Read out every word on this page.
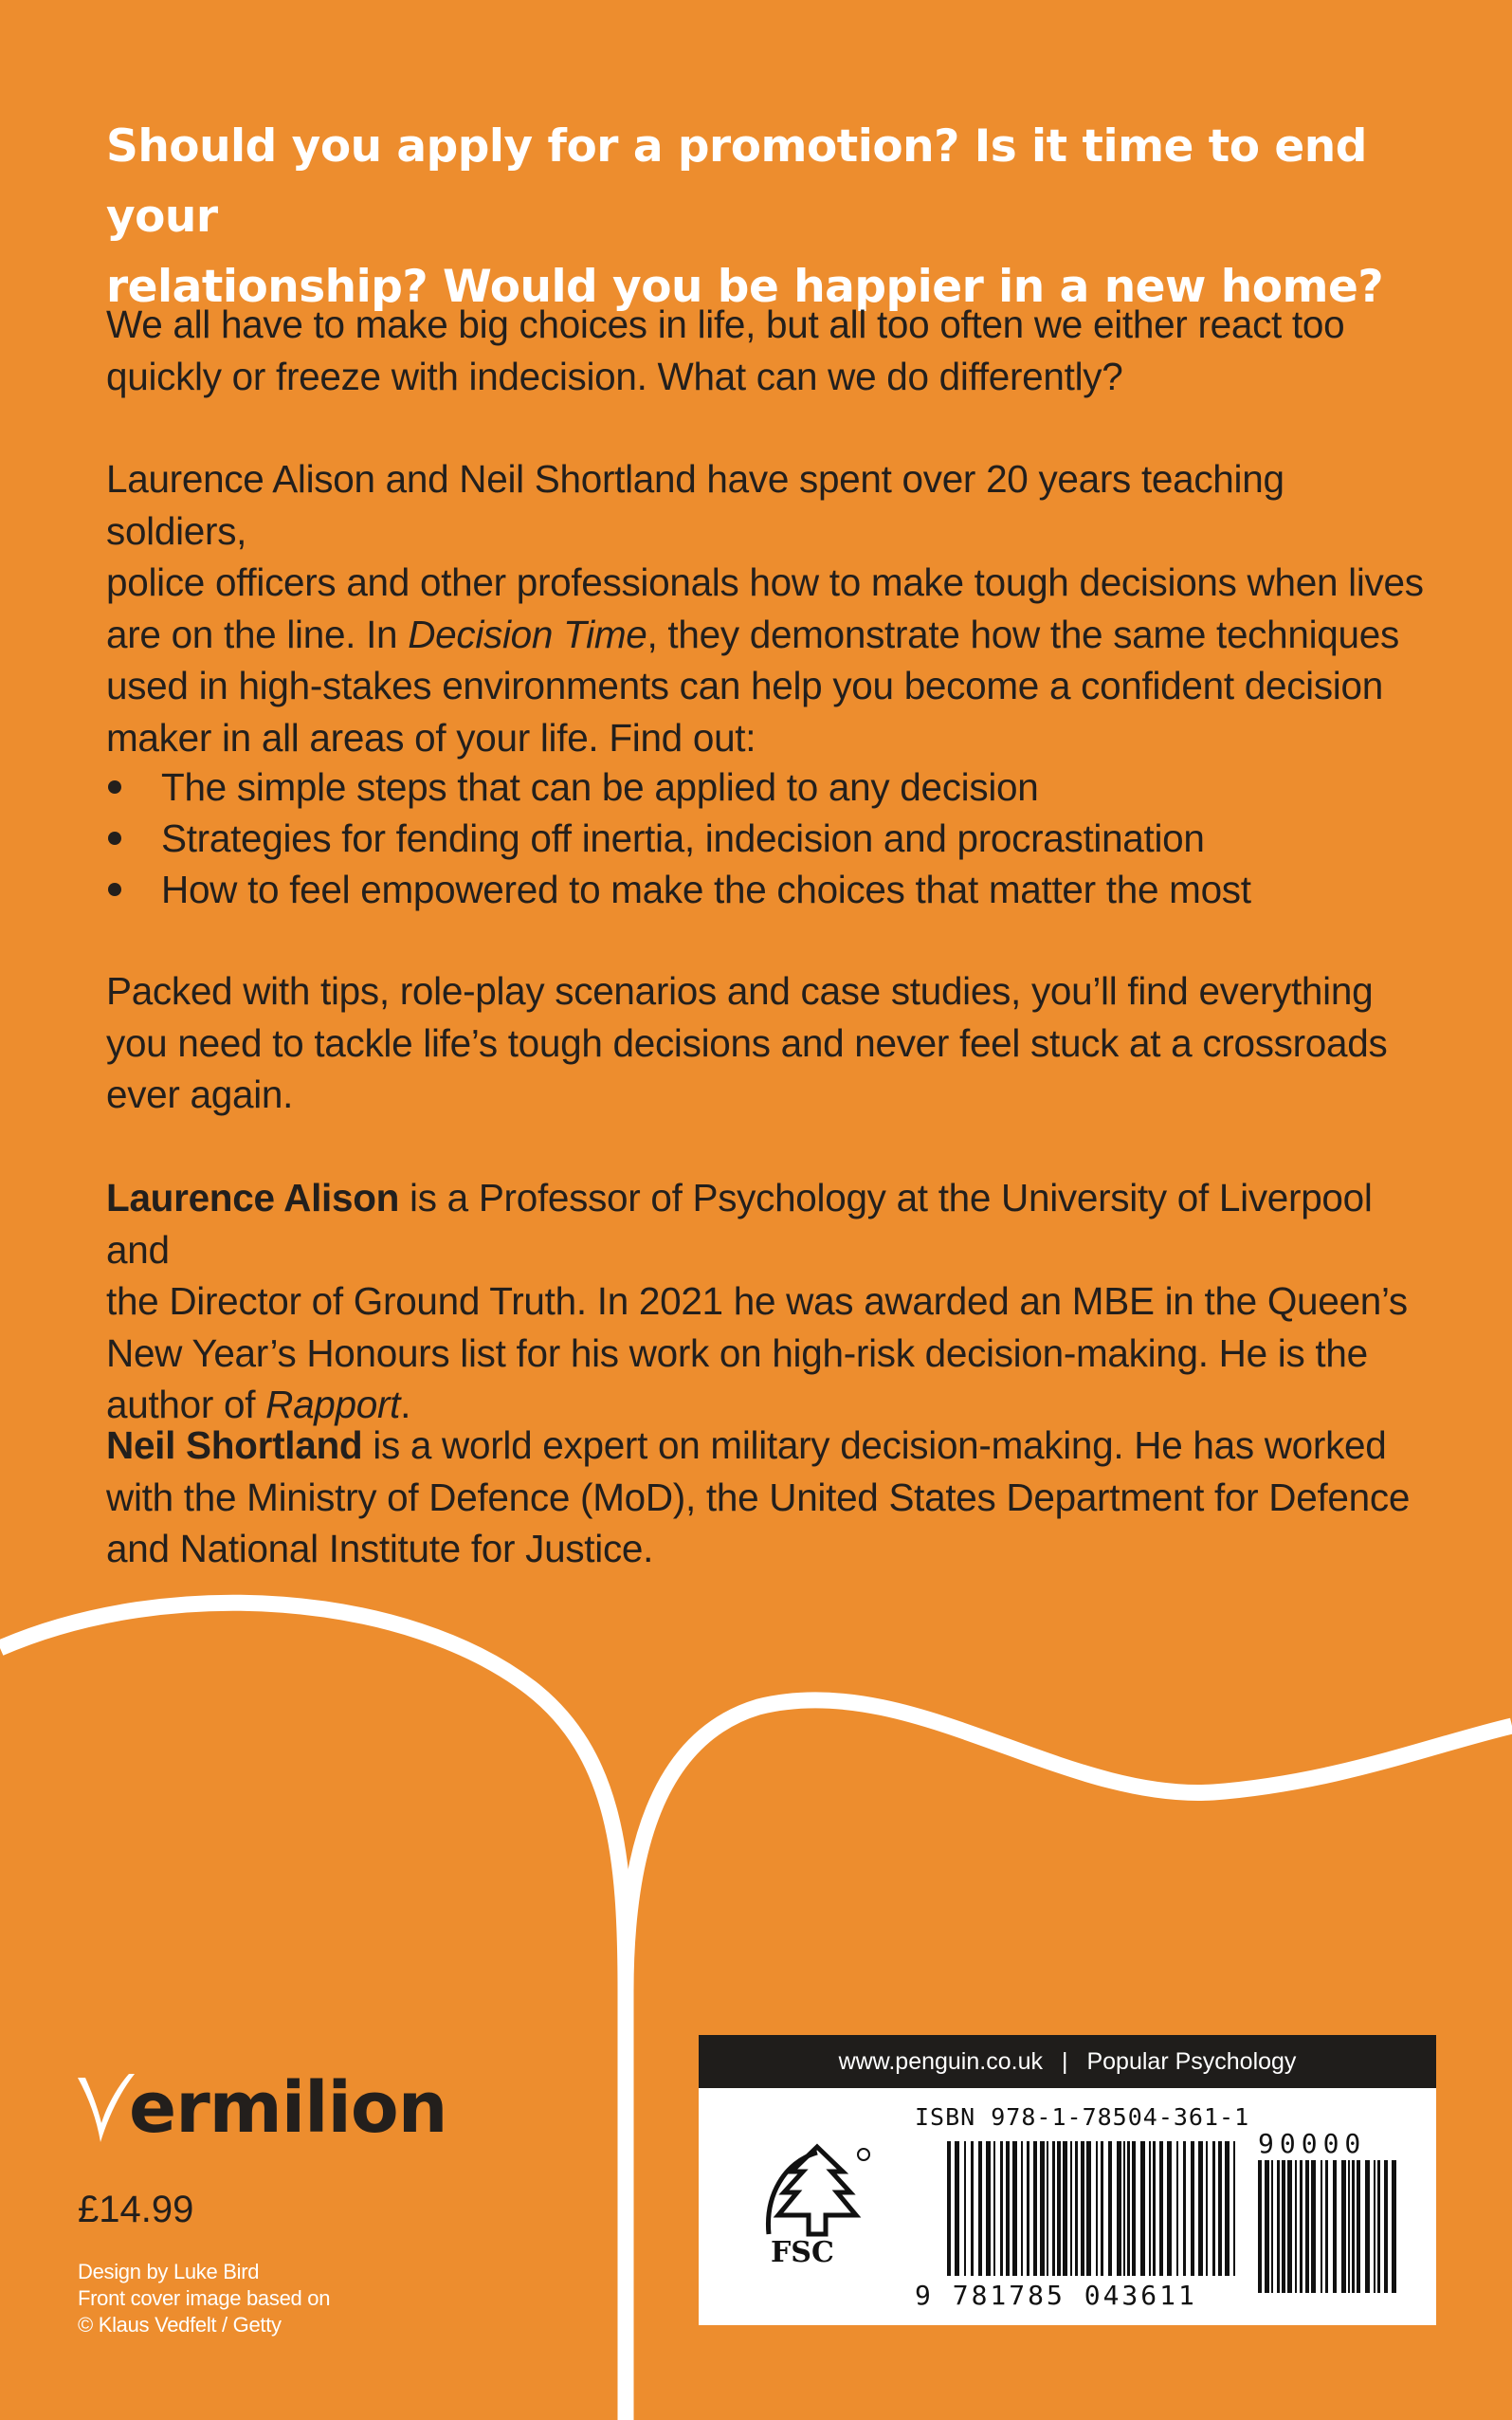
Should you apply for a promotion? Is it time to end your
relationship? Would you be happier in a new home?
We all have to make big choices in life, but all too often we either react too
quickly or freeze with indecision. What can we do differently?
Laurence Alison and Neil Shortland have spent over 20 years teaching soldiers,
police officers and other professionals how to make tough decisions when lives
are on the line. In Decision Time, they demonstrate how the same techniques
used in high-stakes environments can help you become a confident decision
maker in all areas of your life. Find out:
The simple steps that can be applied to any decision
Strategies for fending off inertia, indecision and procrastination
How to feel empowered to make the choices that matter the most
Packed with tips, role-play scenarios and case studies, you’ll find everything
you need to tackle life’s tough decisions and never feel stuck at a crossroads
ever again.
Laurence Alison is a Professor of Psychology at the University of Liverpool and
the Director of Ground Truth. In 2021 he was awarded an MBE in the Queen’s
New Year’s Honours list for his work on high-risk decision-making. He is the
author of Rapport.
Neil Shortland is a world expert on military decision-making. He has worked
with the Ministry of Defence (MoD), the United States Department for Defence
and National Institute for Justice.
ermilion
£14.99
Design by Luke Bird
Front cover image based on
© Klaus Vedfelt / Getty
www.penguin.co.uk | Popular Psychology
ISBN 978-1-78504-361-1
FSC
9 781785 043611
90000
